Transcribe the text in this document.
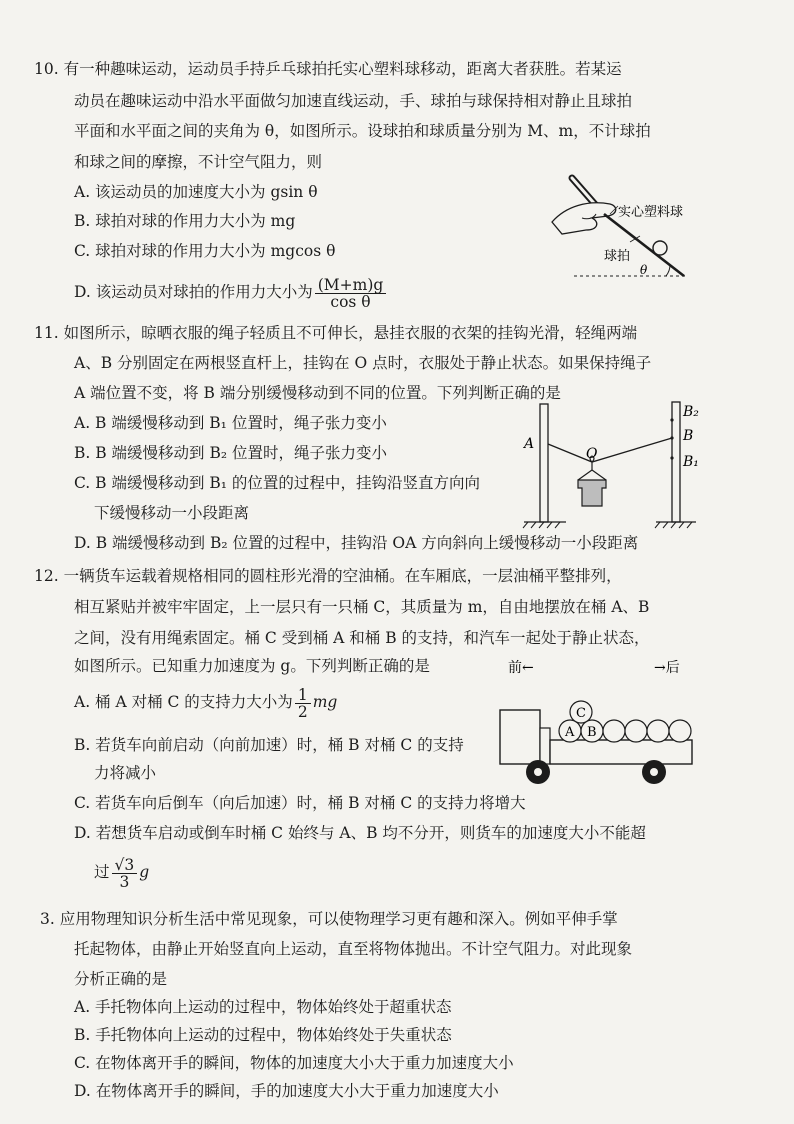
10. 有一种趣味运动，运动员手持乒乓球拍托实心塑料球移动，距离大者获胜。若某运
动员在趣味运动中沿水平面做匀加速直线运动，手、球拍与球保持相对静止且球拍
平面和水平面之间的夹角为 θ，如图所示。设球拍和球质量分别为 M、m，不计球拍
和球之间的摩擦，不计空气阻力，则
A. 该运动员的加速度大小为 gsin θ
B. 球拍对球的作用力大小为 mg
C. 球拍对球的作用力大小为 mgcos θ
D. 该运动员对球拍的作用力大小为 $\frac{(M+m)g}{\text{cos θ}}$
实心塑料球
球拍
θ
11. 如图所示，晾晒衣服的绳子轻质且不可伸长，悬挂衣服的衣架的挂钩光滑，轻绳两端
A、B 分别固定在两根竖直杆上，挂钩在 O 点时，衣服处于静止状态。如果保持绳子
A 端位置不变，将 B 端分别缓慢移动到不同的位置。下列判断正确的是
A. B 端缓慢移动到 B₁ 位置时，绳子张力变小
B. B 端缓慢移动到 B₂ 位置时，绳子张力变小
C. B 端缓慢移动到 B₁ 的位置的过程中，挂钩沿竖直方向向
下缓慢移动一小段距离
D. B 端缓慢移动到 B₂ 位置的过程中，挂钩沿 OA 方向斜向上缓慢移动一小段距离
A
O
B₂
B
B₁
12. 一辆货车运载着规格相同的圆柱形光滑的空油桶。在车厢底，一层油桶平整排列，
相互紧贴并被牢牢固定，上一层只有一只桶 C，其质量为 m，自由地摆放在桶 A、B
之间，没有用绳索固定。桶 C 受到桶 A 和桶 B 的支持，和汽车一起处于静止状态，
如图所示。已知重力加速度为 g。下列判断正确的是
A. 桶 A 对桶 C 的支持力大小为 $\frac{1}{2}$ mg
B. 若货车向前启动（向前加速）时，桶 B 对桶 C 的支持
力将减小
C. 若货车向后倒车（向后加速）时，桶 B 对桶 C 的支持力将增大
D. 若想货车启动或倒车时桶 C 始终与 A、B 均不分开，则货车的加速度大小不能超
过 $\frac{√3}{3}$ g
前←	→后
A B
C
3. 应用物理知识分析生活中常见现象，可以使物理学习更有趣和深入。例如平伸手掌
托起物体，由静止开始竖直向上运动，直至将物体抛出。不计空气阻力。对此现象
分析正确的是
A. 手托物体向上运动的过程中，物体始终处于超重状态
B. 手托物体向上运动的过程中，物体始终处于失重状态
C. 在物体离开手的瞬间，物体的加速度大小大于重力加速度大小
D. 在物体离开手的瞬间，手的加速度大小大于重力加速度大小
